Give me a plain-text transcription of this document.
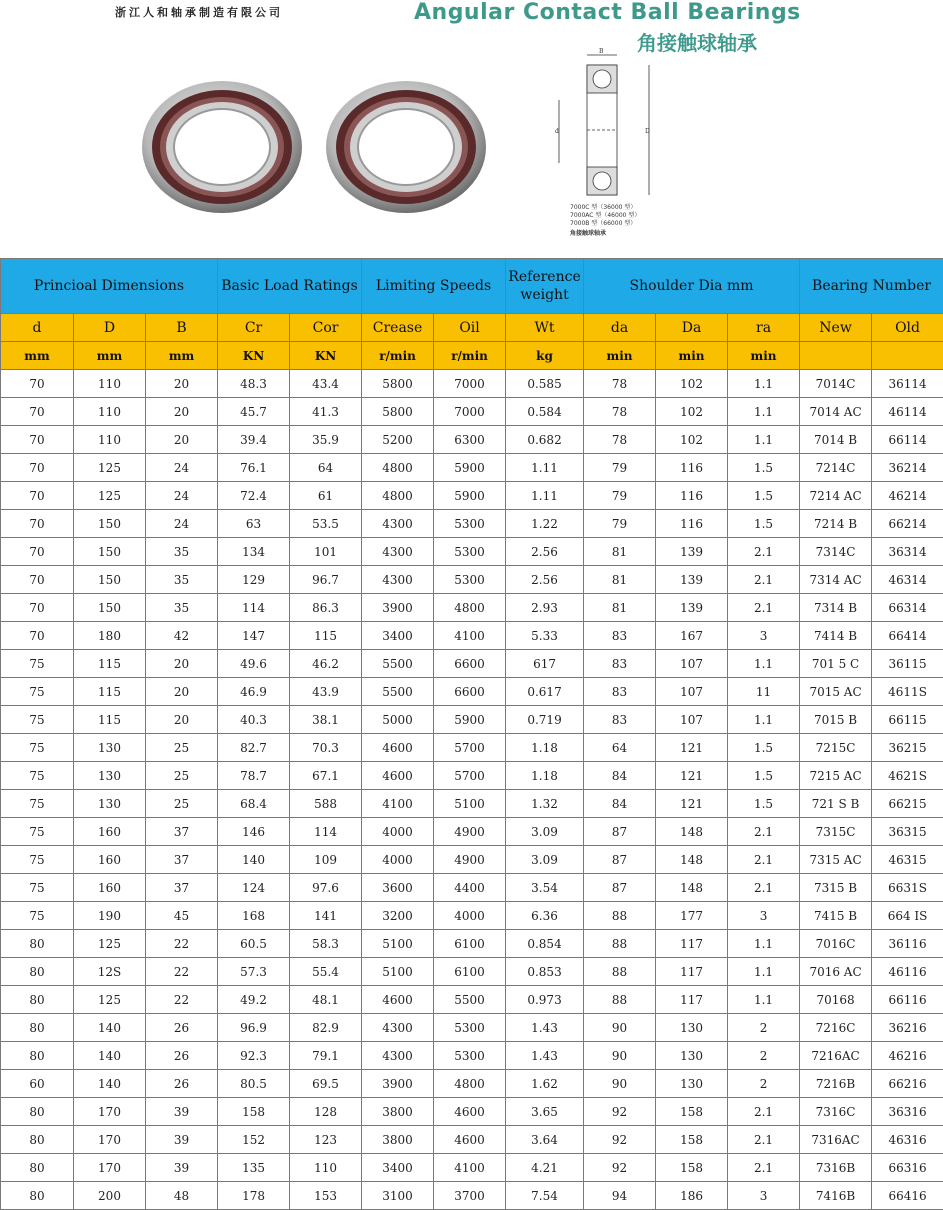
浙江人和轴承制造有限公司	Angular Contact Ball Bearings
角接触球轴承
B
d	D
7000C 型（36000 型）
7000AC 型（46000 型）
7000B 型（66000 型）
角接触球轴承
Princioal Dimensions			Basic Load Ratings		Limiting Speeds		Reference weight	Shoulder Dia mm			Bearing Number	
d	D	B	Cr	Cor	Crease	Oil	Wt	da	Da	ra	New	Old
mm	mm	mm	KN	KN	r/min	r/min	kg	min	min	min		
70	110	20	48.3	43.4	5800	7000	0.585	78	102	1.1	7014C	36114
70	110	20	45.7	41.3	5800	7000	0.584	78	102	1.1	7014 AC	46114
70	110	20	39.4	35.9	5200	6300	0.682	78	102	1.1	7014 B	66114
70	125	24	76.1	64	4800	5900	1.11	79	116	1.5	7214C	36214
70	125	24	72.4	61	4800	5900	1.11	79	116	1.5	7214 AC	46214
70	150	24	63	53.5	4300	5300	1.22	79	116	1.5	7214 B	66214
70	150	35	134	101	4300	5300	2.56	81	139	2.1	7314C	36314
70	150	35	129	96.7	4300	5300	2.56	81	139	2.1	7314 AC	46314
70	150	35	114	86.3	3900	4800	2.93	81	139	2.1	7314 B	66314
70	180	42	147	115	3400	4100	5.33	83	167	3	7414 B	66414
75	115	20	49.6	46.2	5500	6600	617	83	107	1.1	701 5 C	36115
75	115	20	46.9	43.9	5500	6600	0.617	83	107	11	7015 AC	4611S
75	115	20	40.3	38.1	5000	5900	0.719	83	107	1.1	7015 B	66115
75	130	25	82.7	70.3	4600	5700	1.18	64	121	1.5	7215C	36215
75	130	25	78.7	67.1	4600	5700	1.18	84	121	1.5	7215 AC	4621S
75	130	25	68.4	588	4100	5100	1.32	84	121	1.5	721 S B	66215
75	160	37	146	114	4000	4900	3.09	87	148	2.1	7315C	36315
75	160	37	140	109	4000	4900	3.09	87	148	2.1	7315 AC	46315
75	160	37	124	97.6	3600	4400	3.54	87	148	2.1	7315 B	6631S
75	190	45	168	141	3200	4000	6.36	88	177	3	7415 B	664 IS
80	125	22	60.5	58.3	5100	6100	0.854	88	117	1.1	7016C	36116
80	12S	22	57.3	55.4	5100	6100	0.853	88	117	1.1	7016 AC	46116
80	125	22	49.2	48.1	4600	5500	0.973	88	117	1.1	70168	66116
80	140	26	96.9	82.9	4300	5300	1.43	90	130	2	7216C	36216
80	140	26	92.3	79.1	4300	5300	1.43	90	130	2	7216AC	46216
60	140	26	80.5	69.5	3900	4800	1.62	90	130	2	7216B	66216
80	170	39	158	128	3800	4600	3.65	92	158	2.1	7316C	36316
80	170	39	152	123	3800	4600	3.64	92	158	2.1	7316AC	46316
80	170	39	135	110	3400	4100	4.21	92	158	2.1	7316B	66316
80	200	48	178	153	3100	3700	7.54	94	186	3	7416B	66416
